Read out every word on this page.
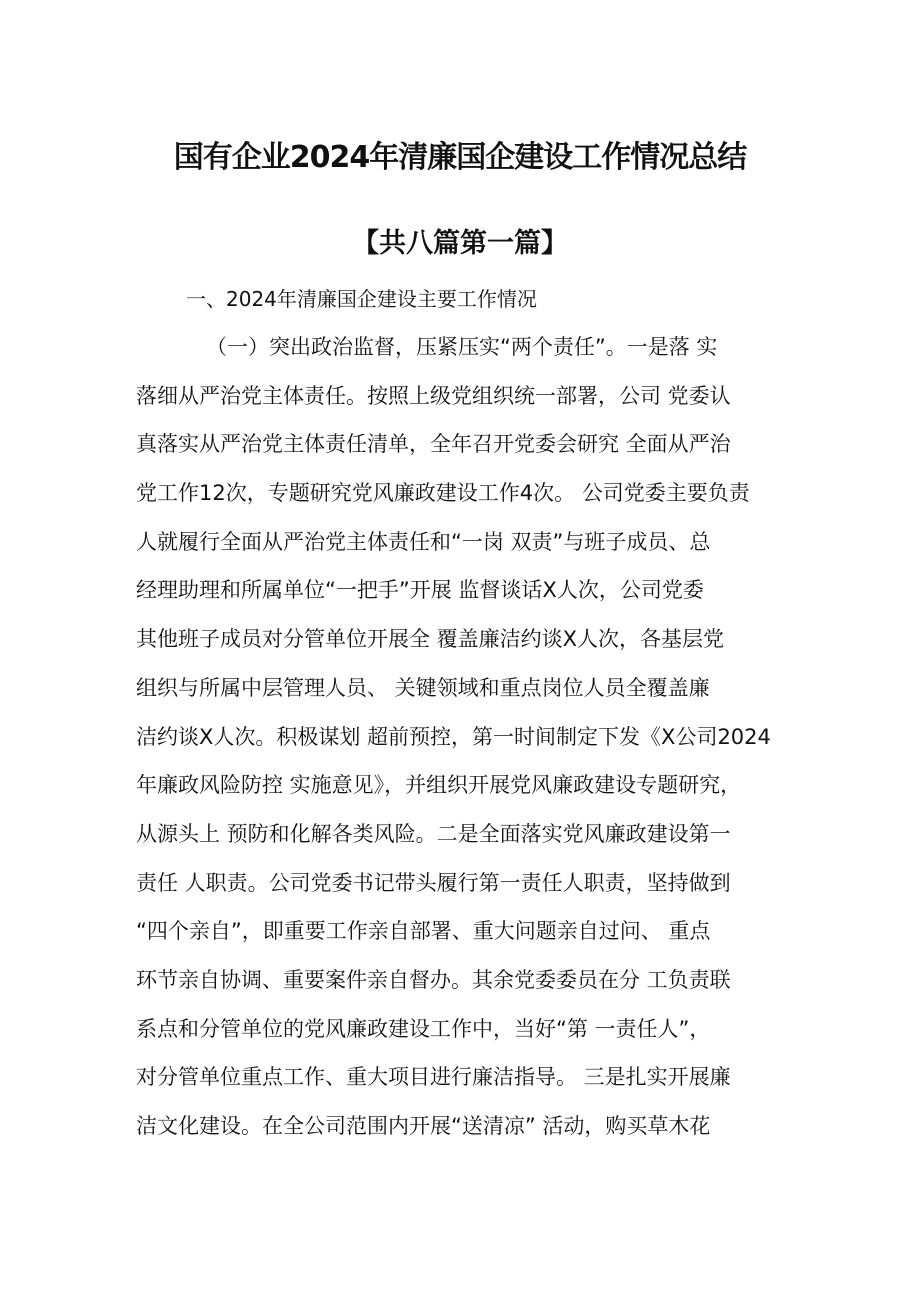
国有企业2024年清廉国企建设工作情况总结
【共八篇第一篇】
一、2024年清廉国企建设主要工作情况
（一）突出政治监督，压紧压实“两个责任”。一是落 实
落细从严治党主体责任。按照上级党组织统一部署，公司 党委认
真落实从严治党主体责任清单，全年召开党委会研究 全面从严治
党工作12次，专题研究党风廉政建设工作4次。 公司党委主要负责
人就履行全面从严治党主体责任和“一岗 双责”与班子成员、总
经理助理和所属单位“一把手”开展 监督谈话X人次，公司党委
其他班子成员对分管单位开展全 覆盖廉洁约谈X人次，各基层党
组织与所属中层管理人员、 关键领域和重点岗位人员全覆盖廉
洁约谈X人次。积极谋划 超前预控，第一时间制定下发《X公司2024
年廉政风险防控 实施意见》，并组织开展党风廉政建设专题研究，
从源头上 预防和化解各类风险。二是全面落实党风廉政建设第一
责任 人职责。公司党委书记带头履行第一责任人职责，坚持做到
“四个亲自”，即重要工作亲自部署、重大问题亲自过问、 重点
环节亲自协调、重要案件亲自督办。其余党委委员在分 工负责联
系点和分管单位的党风廉政建设工作中，当好“第 一责任人”，
对分管单位重点工作、重大项目进行廉洁指导。 三是扎实开展廉
洁文化建设。在全公司范围内开展“送清凉” 活动，购买草木花
